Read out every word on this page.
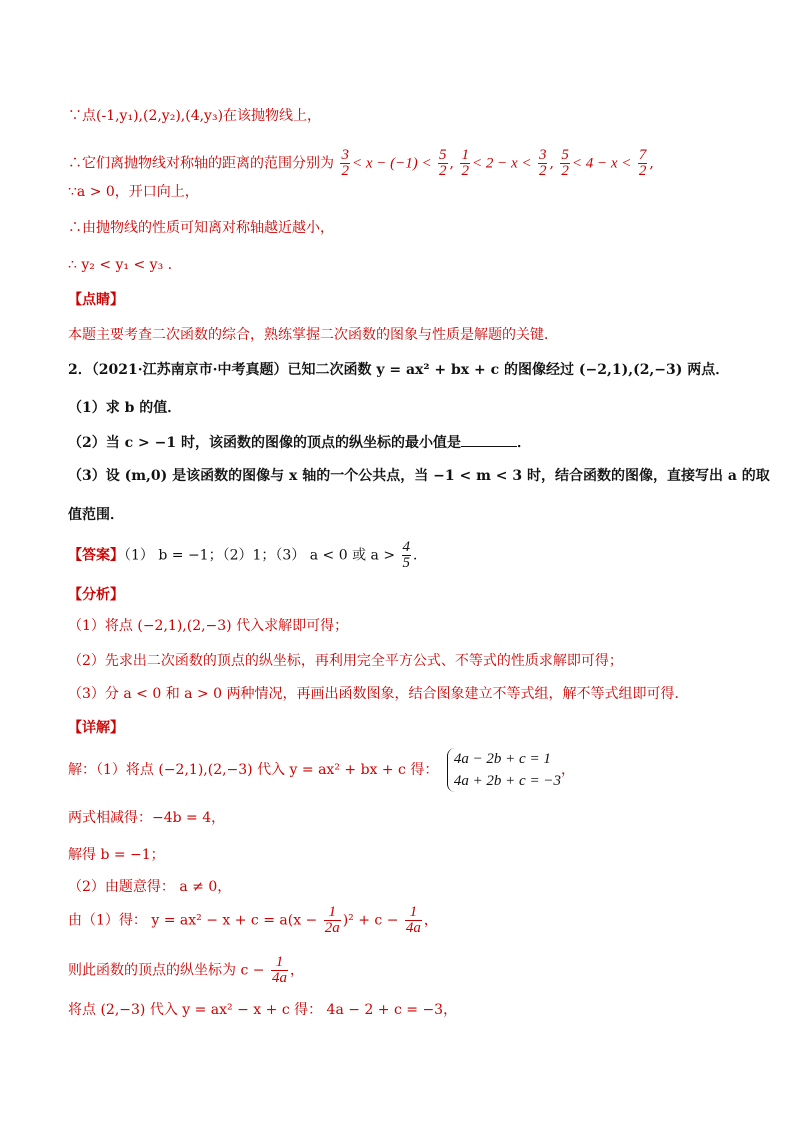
∵点(-1,y₁),(2,y₂),(4,y₃)在该抛物线上，
∴它们离抛物线对称轴的距离的范围分别为 $\frac{3}{2} < x - (-1) < \frac{5}{2}$ , $\frac{1}{2} < 2 - x < \frac{3}{2}$ , $\frac{5}{2} < 4 - x < \frac{7}{2}$ ,
∵a > 0，开口向上，
∴由抛物线的性质可知离对称轴越近越小，
∴ y₂ < y₁ < y₃ .
【点睛】
本题主要考查二次函数的综合，熟练掌握二次函数的图象与性质是解题的关键．
2．（2021·江苏南京市·中考真题）已知二次函数 y = ax² + bx + c 的图像经过 (−2,1),(2,−3) 两点．
（1）求 b 的值．
（2）当 c > −1 时，该函数的图像的顶点的纵坐标的最小值是	．
（3）设 (m,0) 是该函数的图像与 x 轴的一个公共点，当 −1 < m < 3 时，结合函数的图像，直接写出 a 的取
值范围．
【答案】（1） b = −1；（2）1；（3） a < 0 或 $a > \frac{4}{5}$ ．
【分析】
（1）将点 (−2,1),(2,−3) 代入求解即可得；
（2）先求出二次函数的顶点的纵坐标，再利用完全平方公式、不等式的性质求解即可得；
（3）分 a < 0 和 a > 0 两种情况，再画出函数图象，结合图象建立不等式组，解不等式组即可得．
【详解】
解：（1）将点 (−2,1),(2,−3) 代入 y = ax² + bx + c 得：
4a − 2b + c = 1
4a + 2b + c = −3
，
两式相减得：−4b = 4，
解得 b = −1；
（2）由题意得： a ≠ 0，
由（1）得： $y = ax^2 - x + c = a(x - \frac{1}{2a} )^2 + c - \frac{1}{4a}$ ，
则此函数的顶点的纵坐标为 $c - \frac{1}{4a}$ ，
将点 (2,−3) 代入 y = ax² − x + c 得： 4a − 2 + c = −3，
